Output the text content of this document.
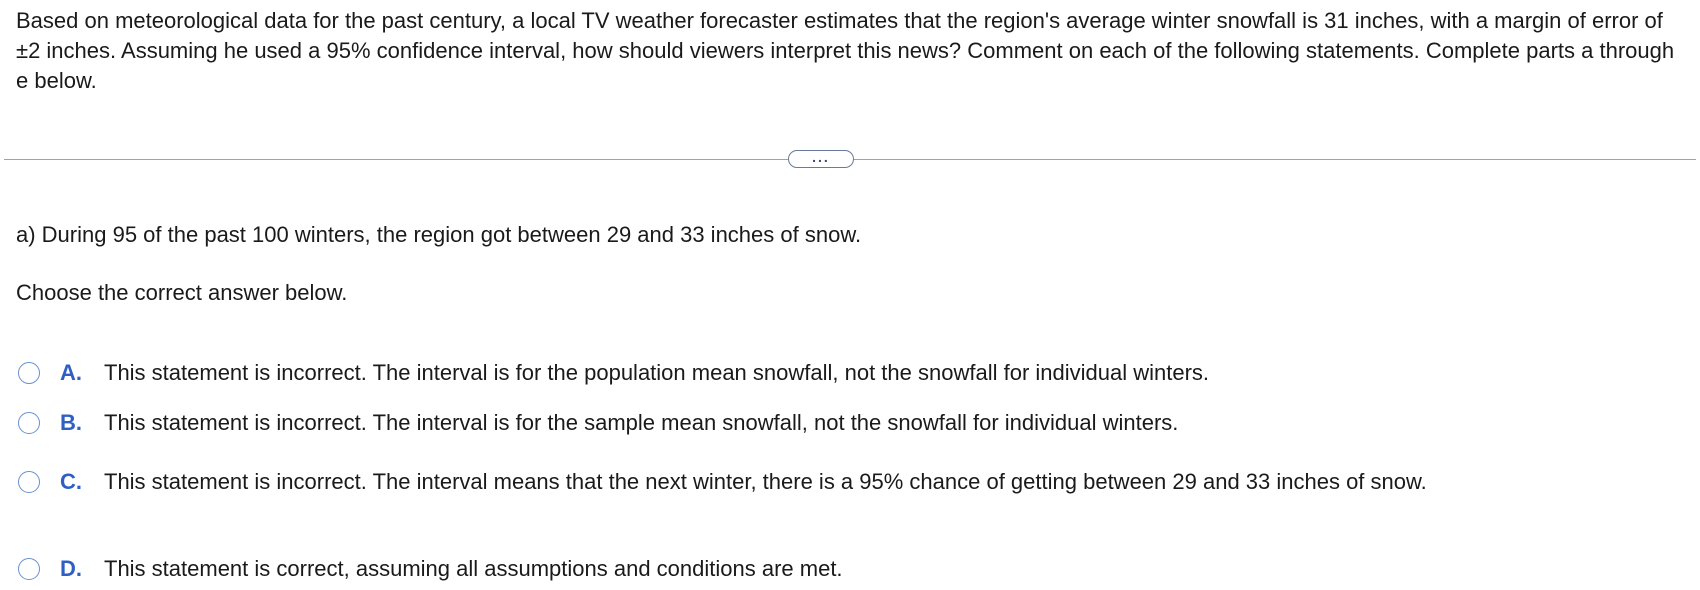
Based on meteorological data for the past century, a local TV weather forecaster estimates that the region's average winter snowfall is 31 inches, with a margin of error of ±2 inches. Assuming he used a 95% confidence interval, how should viewers interpret this news? Comment on each of the following statements. Complete parts a through e below.
...
a) During 95 of the past 100 winters, the region got between 29 and 33 inches of snow.
Choose the correct answer below.
A.	This statement is incorrect. The interval is for the population mean snowfall, not the snowfall for individual winters.
B.	This statement is incorrect. The interval is for the sample mean snowfall, not the snowfall for individual winters.
C.	This statement is incorrect. The interval means that the next winter, there is a 95% chance of getting between 29 and 33 inches of snow.
D.	This statement is correct, assuming all assumptions and conditions are met.
